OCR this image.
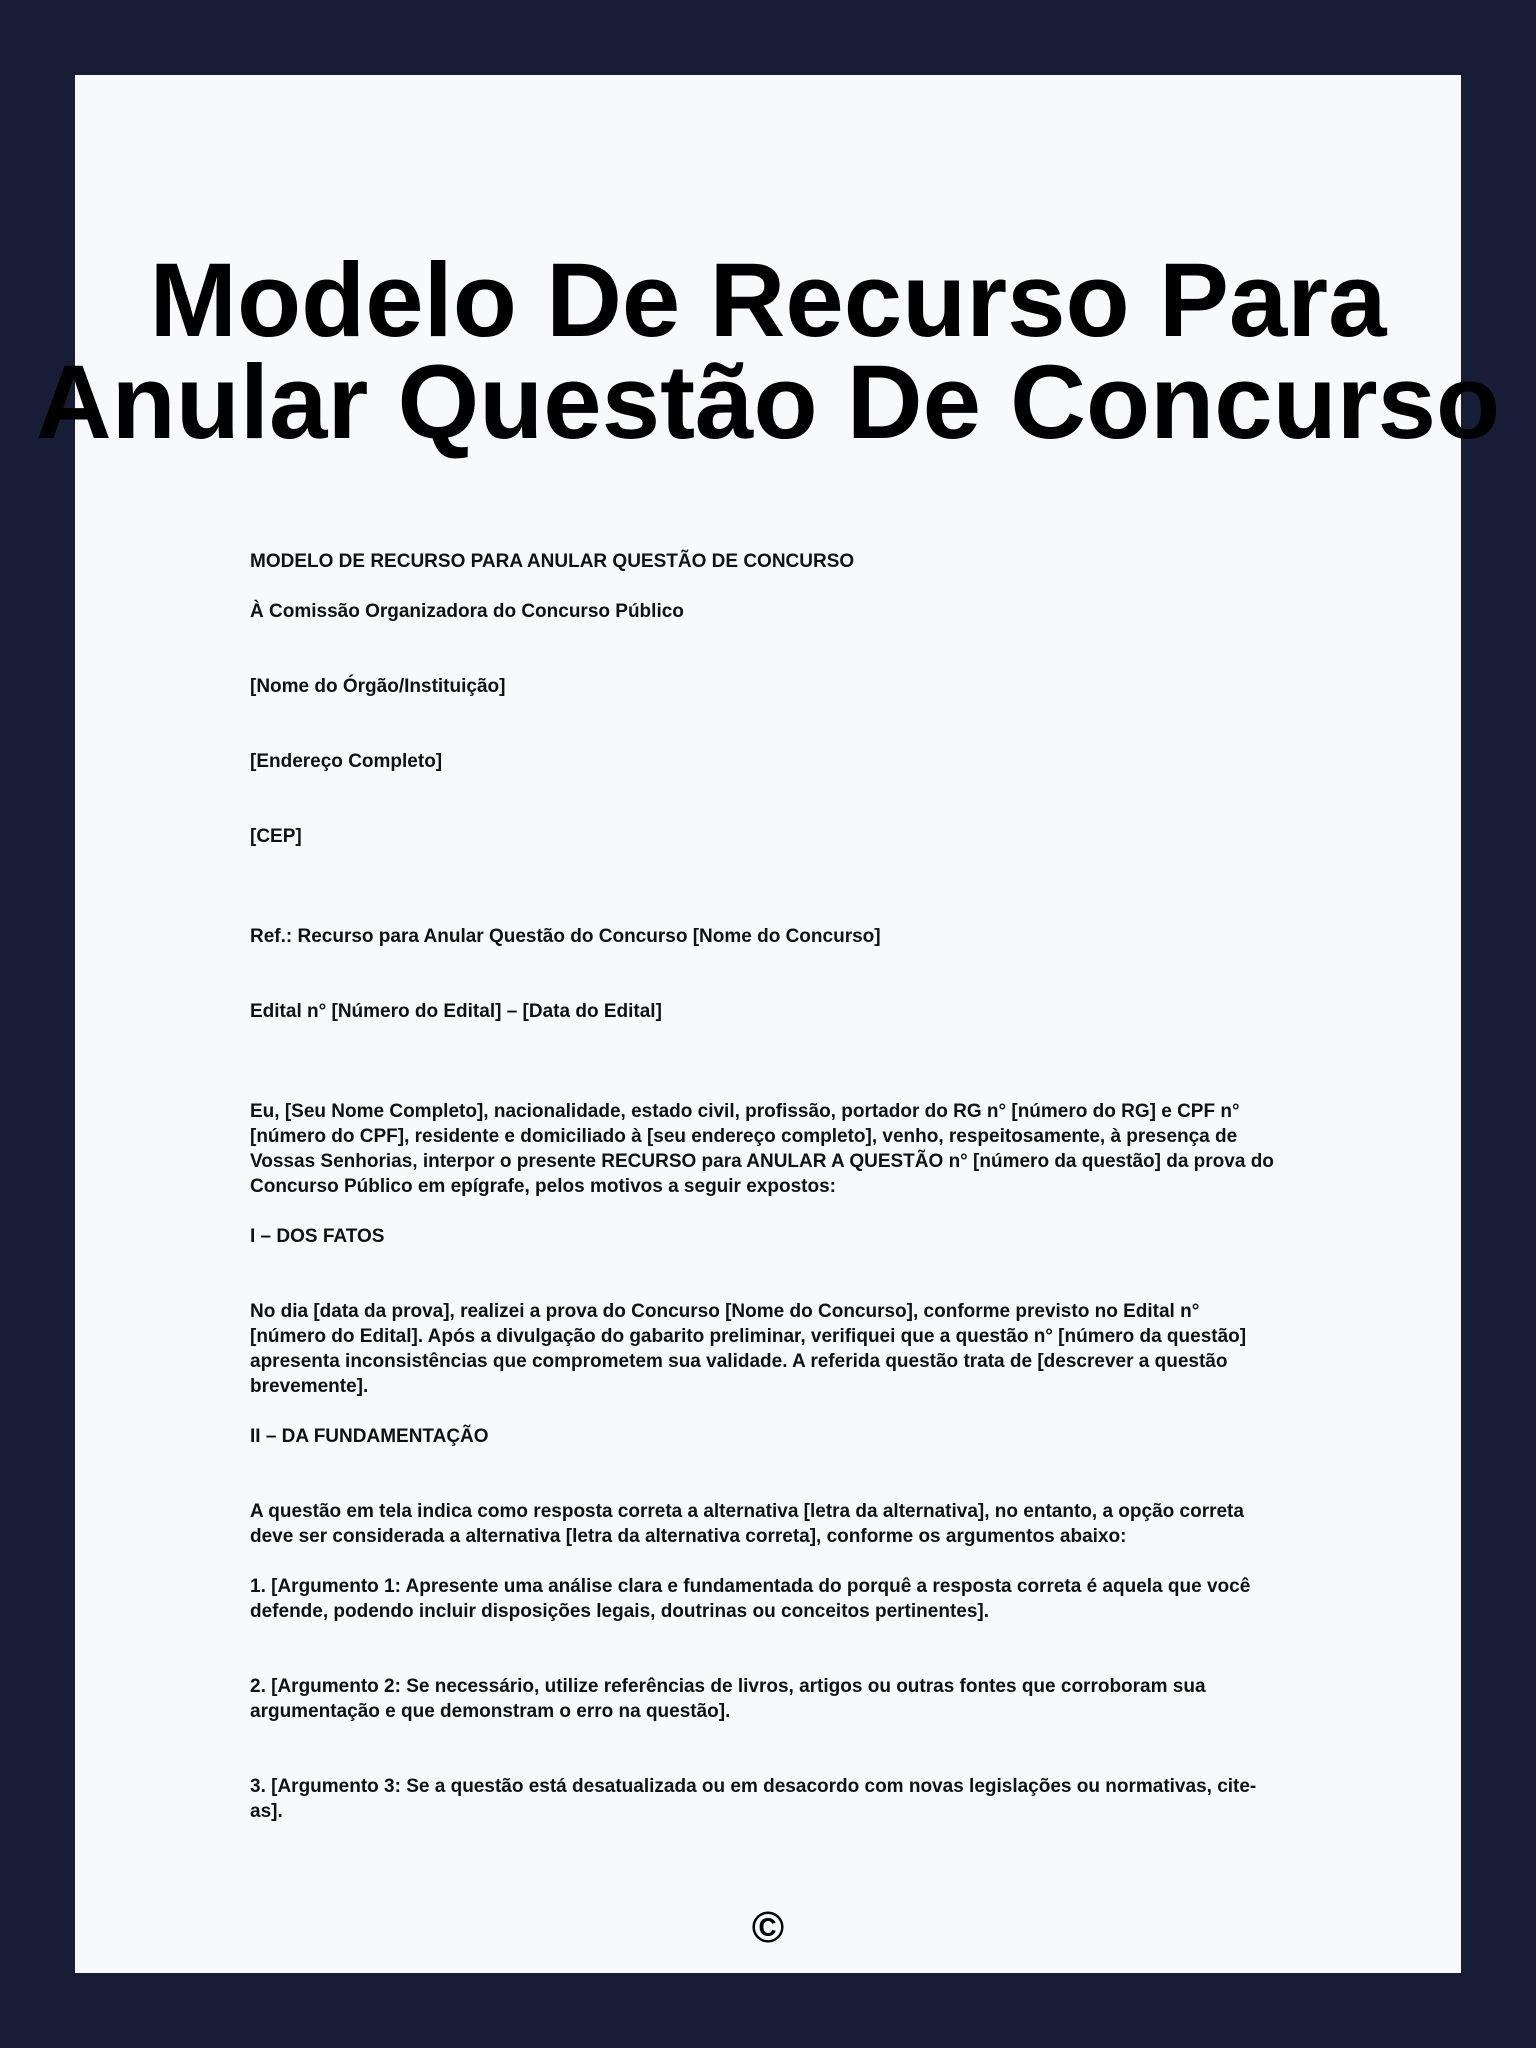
Modelo De Recurso Para
Anular Questão De Concurso

MODELO DE RECURSO PARA ANULAR QUESTÃO DE CONCURSO

À Comissão Organizadora do Concurso Público

[Nome do Órgão/Instituição]

[Endereço Completo]

[CEP]

Ref.: Recurso para Anular Questão do Concurso [Nome do Concurso]

Edital n° [Número do Edital] – [Data do Edital]

Eu, [Seu Nome Completo], nacionalidade, estado civil, profissão, portador do RG n° [número do RG] e CPF n° [número do CPF], residente e domiciliado à [seu endereço completo], venho, respeitosamente, à presença de Vossas Senhorias, interpor o presente RECURSO para ANULAR A QUESTÃO n° [número da questão] da prova do Concurso Público em epígrafe, pelos motivos a seguir expostos:

I – DOS FATOS

No dia [data da prova], realizei a prova do Concurso [Nome do Concurso], conforme previsto no Edital n° [número do Edital]. Após a divulgação do gabarito preliminar, verifiquei que a questão n° [número da questão] apresenta inconsistências que comprometem sua validade. A referida questão trata de [descrever a questão brevemente].

II – DA FUNDAMENTAÇÃO

A questão em tela indica como resposta correta a alternativa [letra da alternativa], no entanto, a opção correta deve ser considerada a alternativa [letra da alternativa correta], conforme os argumentos abaixo:

1. [Argumento 1: Apresente uma análise clara e fundamentada do porquê a resposta correta é aquela que você defende, podendo incluir disposições legais, doutrinas ou conceitos pertinentes].

2. [Argumento 2: Se necessário, utilize referências de livros, artigos ou outras fontes que corroboram sua argumentação e que demonstram o erro na questão].

3. [Argumento 3: Se a questão está desatualizada ou em desacordo com novas legislações ou normativas, cite-as].

©
